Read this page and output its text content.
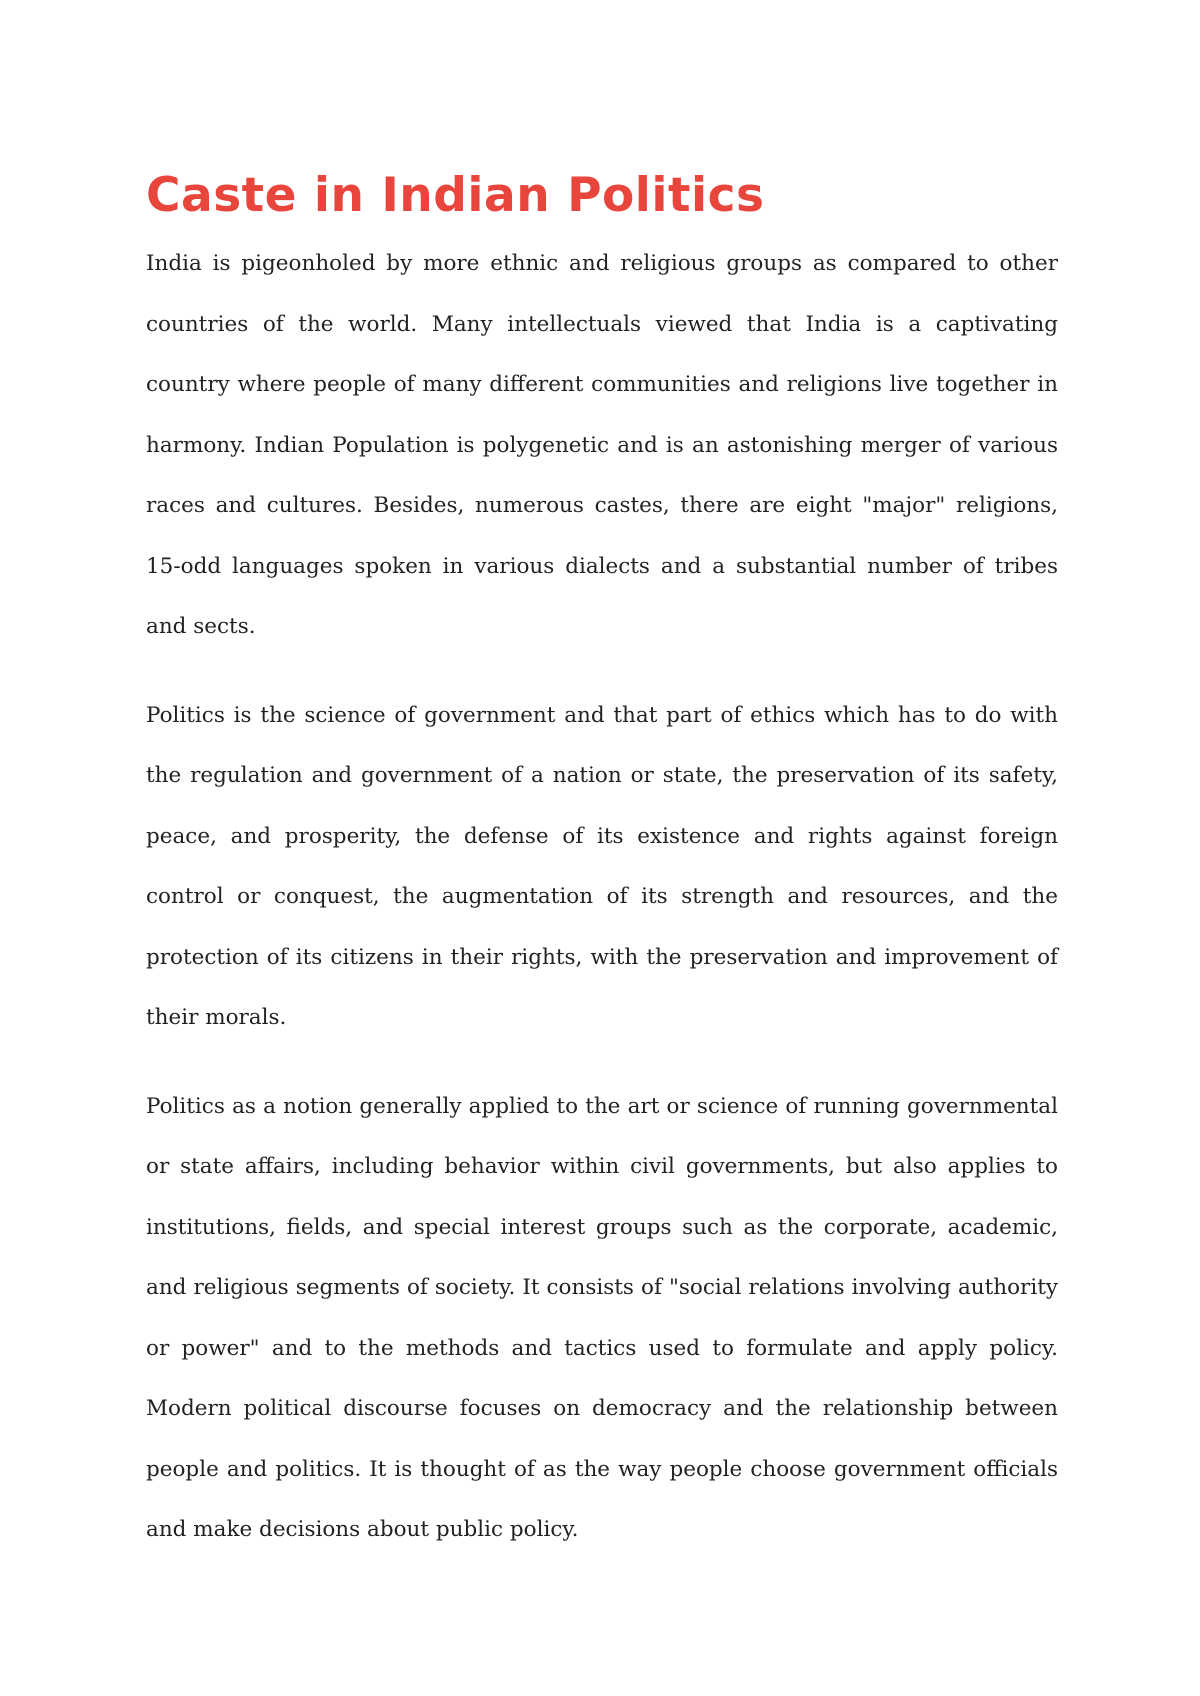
Caste in Indian Politics

India is pigeonholed by more ethnic and religious groups as compared to other countries of the world. Many intellectuals viewed that India is a captivating country where people of many different communities and religions live together in harmony. Indian Population is polygenetic and is an astonishing merger of various races and cultures. Besides, numerous castes, there are eight "major" religions, 15-odd languages spoken in various dialects and a substantial number of tribes and sects.

Politics is the science of government and that part of ethics which has to do with the regulation and government of a nation or state, the preservation of its safety, peace, and prosperity, the defense of its existence and rights against foreign control or conquest, the augmentation of its strength and resources, and the protection of its citizens in their rights, with the preservation and improvement of their morals.

Politics as a notion generally applied to the art or science of running governmental or state affairs, including behavior within civil governments, but also applies to institutions, fields, and special interest groups such as the corporate, academic, and religious segments of society. It consists of "social relations involving authority or power" and to the methods and tactics used to formulate and apply policy. Modern political discourse focuses on democracy and the relationship between people and politics. It is thought of as the way people choose government officials and make decisions about public policy.
